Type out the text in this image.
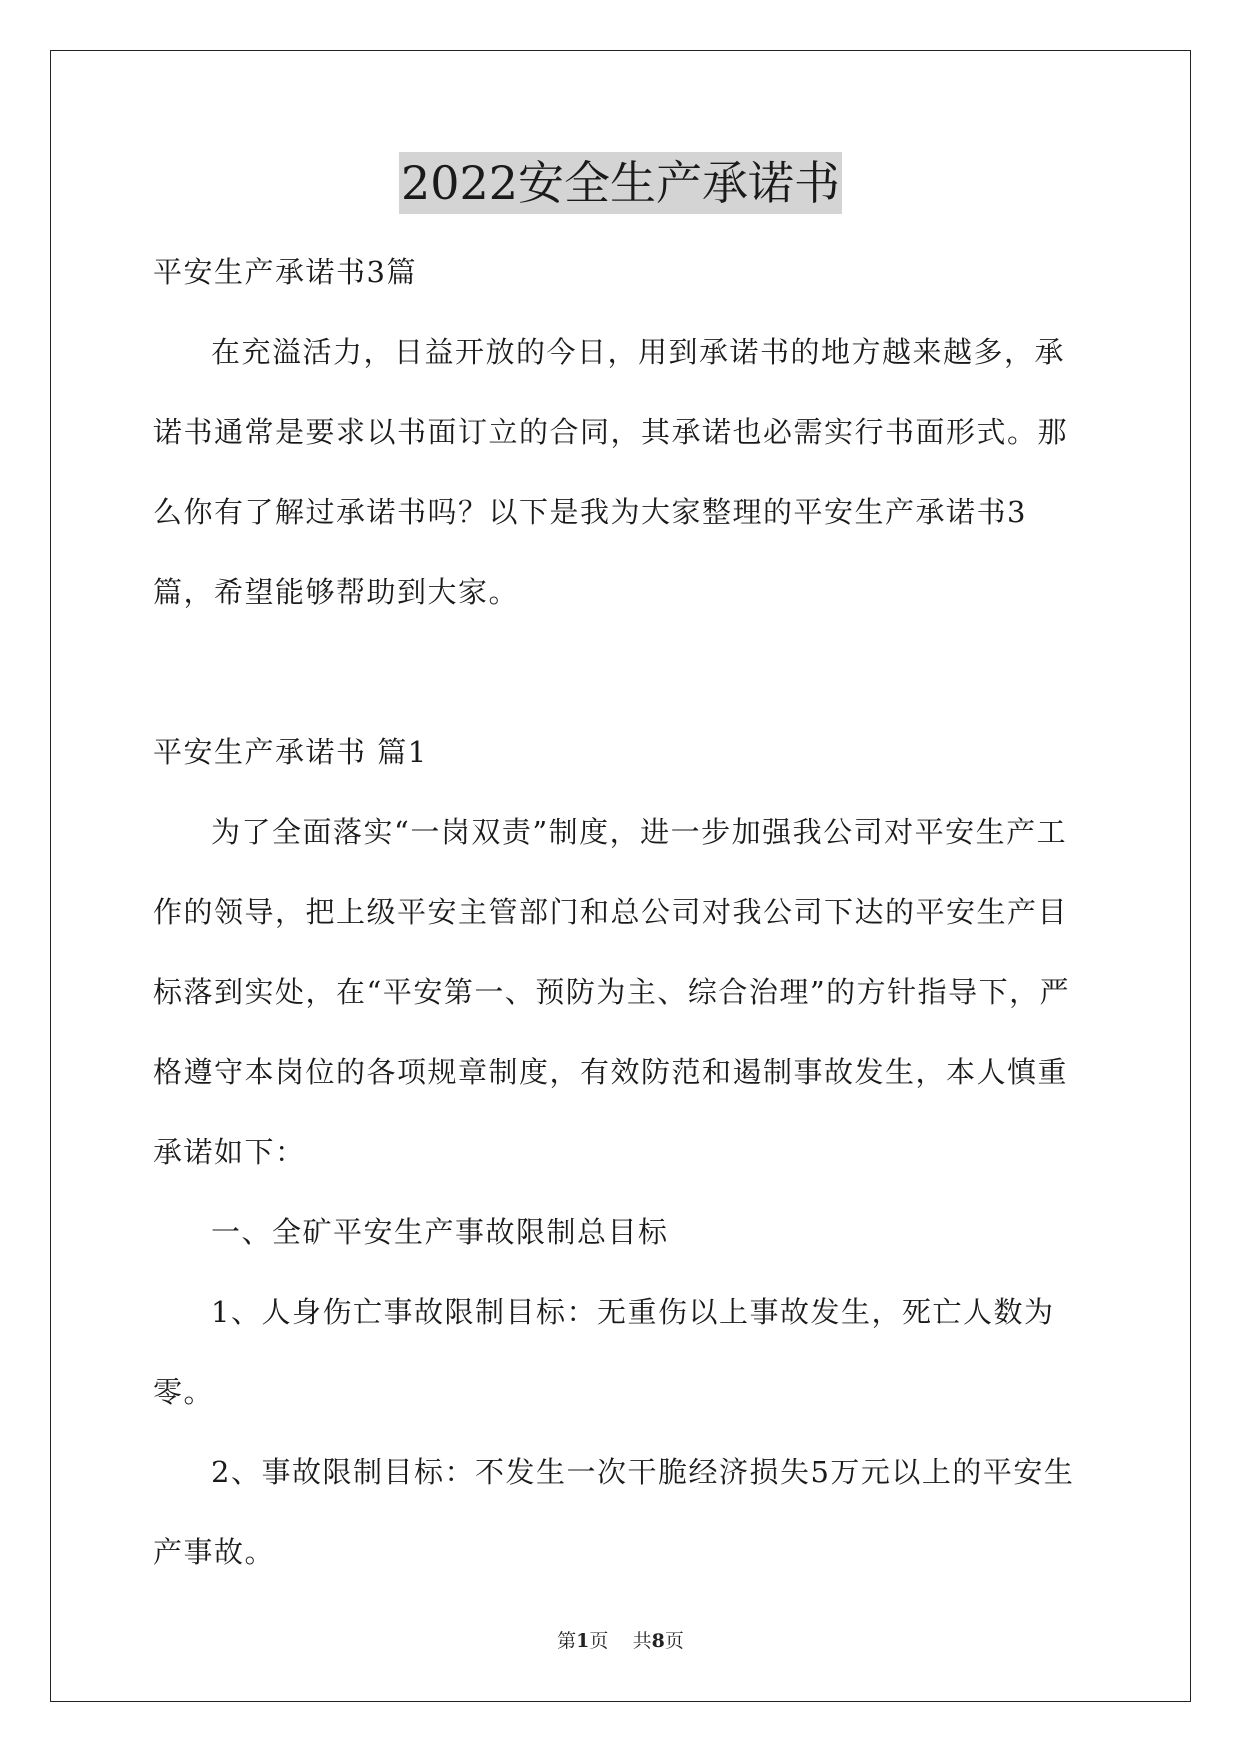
2022安全生产承诺书

平安生产承诺书3篇

在充溢活力，日益开放的今日，用到承诺书的地方越来越多，承诺书通常是要求以书面订立的合同，其承诺也必需实行书面形式。那么你有了解过承诺书吗？以下是我为大家整理的平安生产承诺书3篇，希望能够帮助到大家。

平安生产承诺书 篇1

为了全面落实“一岗双责”制度，进一步加强我公司对平安生产工作的领导，把上级平安主管部门和总公司对我公司下达的平安生产目标落到实处，在“平安第一、预防为主、综合治理”的方针指导下，严格遵守本岗位的各项规章制度，有效防范和遏制事故发生，本人慎重承诺如下：

一、全矿平安生产事故限制总目标

1、人身伤亡事故限制目标：无重伤以上事故发生，死亡人数为零。

2、事故限制目标：不发生一次干脆经济损失5万元以上的平安生产事故。

第1页    共8页
